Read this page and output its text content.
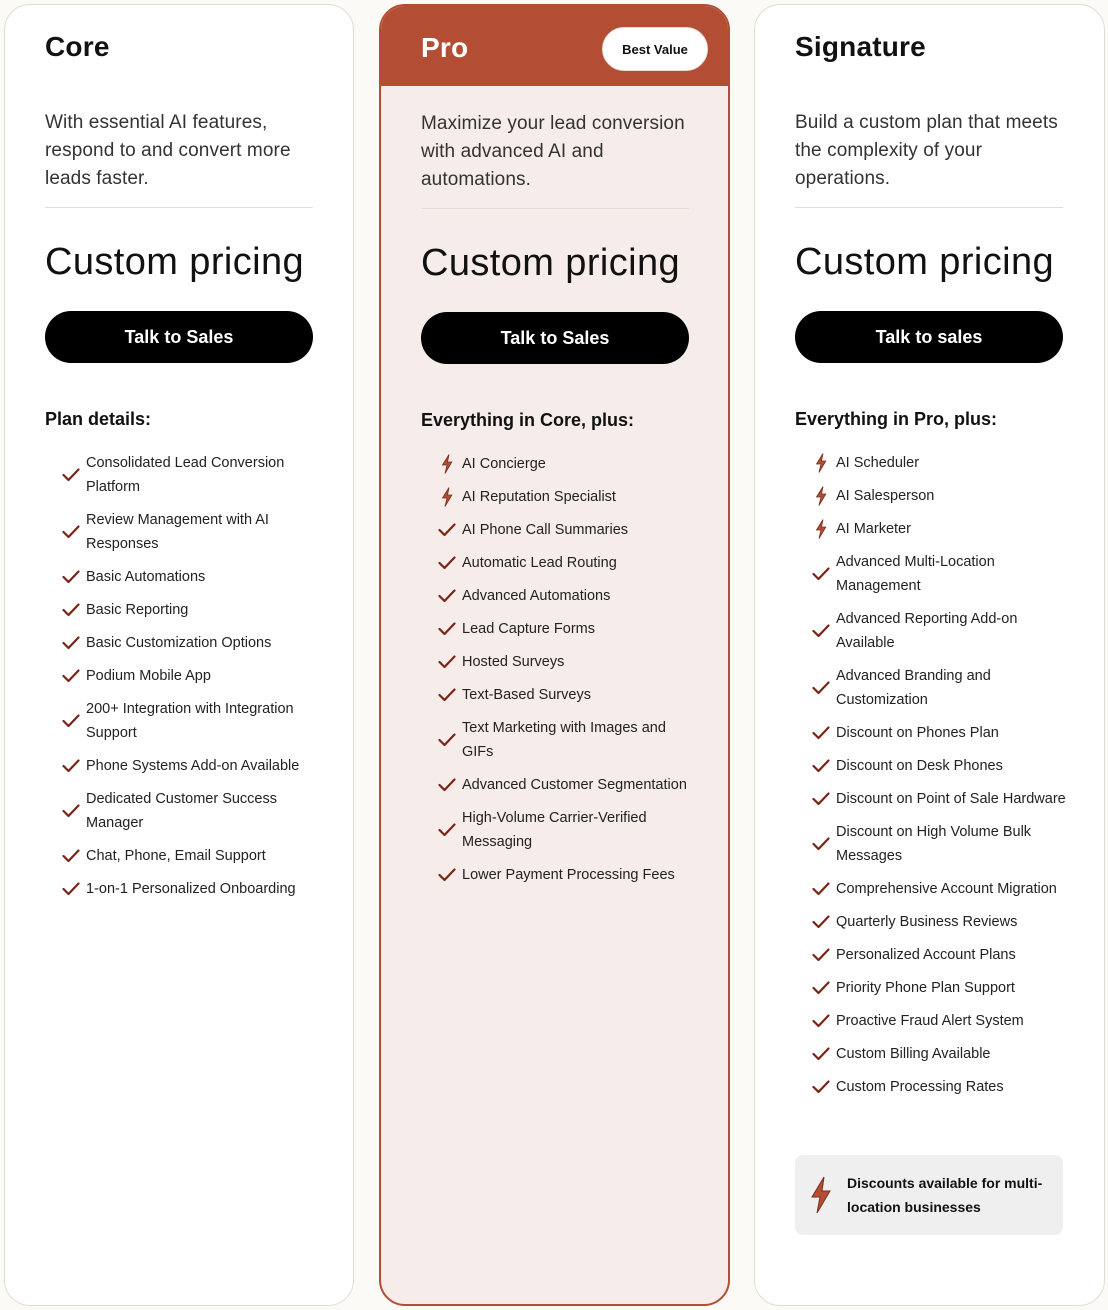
Core

With essential AI features, respond to and convert more leads faster.

Custom pricing
Talk to Sales
Plan details:
Consolidated Lead Conversion Platform
Review Management with AI Responses
Basic Automations
Basic Reporting
Basic Customization Options
Podium Mobile App
200+ Integration with Integration Support
Phone Systems Add-on Available
Dedicated Customer Success Manager
Chat, Phone, Email Support
1-on-1 Personalized Onboarding
Pro	Best Value

Maximize your lead conversion with advanced AI and automations.

Custom pricing
Talk to Sales
Everything in Core, plus:
AI Concierge
AI Reputation Specialist
AI Phone Call Summaries
Automatic Lead Routing
Advanced Automations
Lead Capture Forms
Hosted Surveys
Text-Based Surveys
Text Marketing with Images and GIFs
Advanced Customer Segmentation
High-Volume Carrier-Verified Messaging
Lower Payment Processing Fees
Signature

Build a custom plan that meets the complexity of your operations.

Custom pricing
Talk to sales
Everything in Pro, plus:
AI Scheduler
AI Salesperson
AI Marketer
Advanced Multi-Location Management
Advanced Reporting Add-on Available
Advanced Branding and Customization
Discount on Phones Plan
Discount on Desk Phones
Discount on Point of Sale Hardware
Discount on High Volume Bulk Messages
Comprehensive Account Migration
Quarterly Business Reviews
Personalized Account Plans
Priority Phone Plan Support
Proactive Fraud Alert System
Custom Billing Available
Custom Processing Rates
Discounts available for multi-location businesses
